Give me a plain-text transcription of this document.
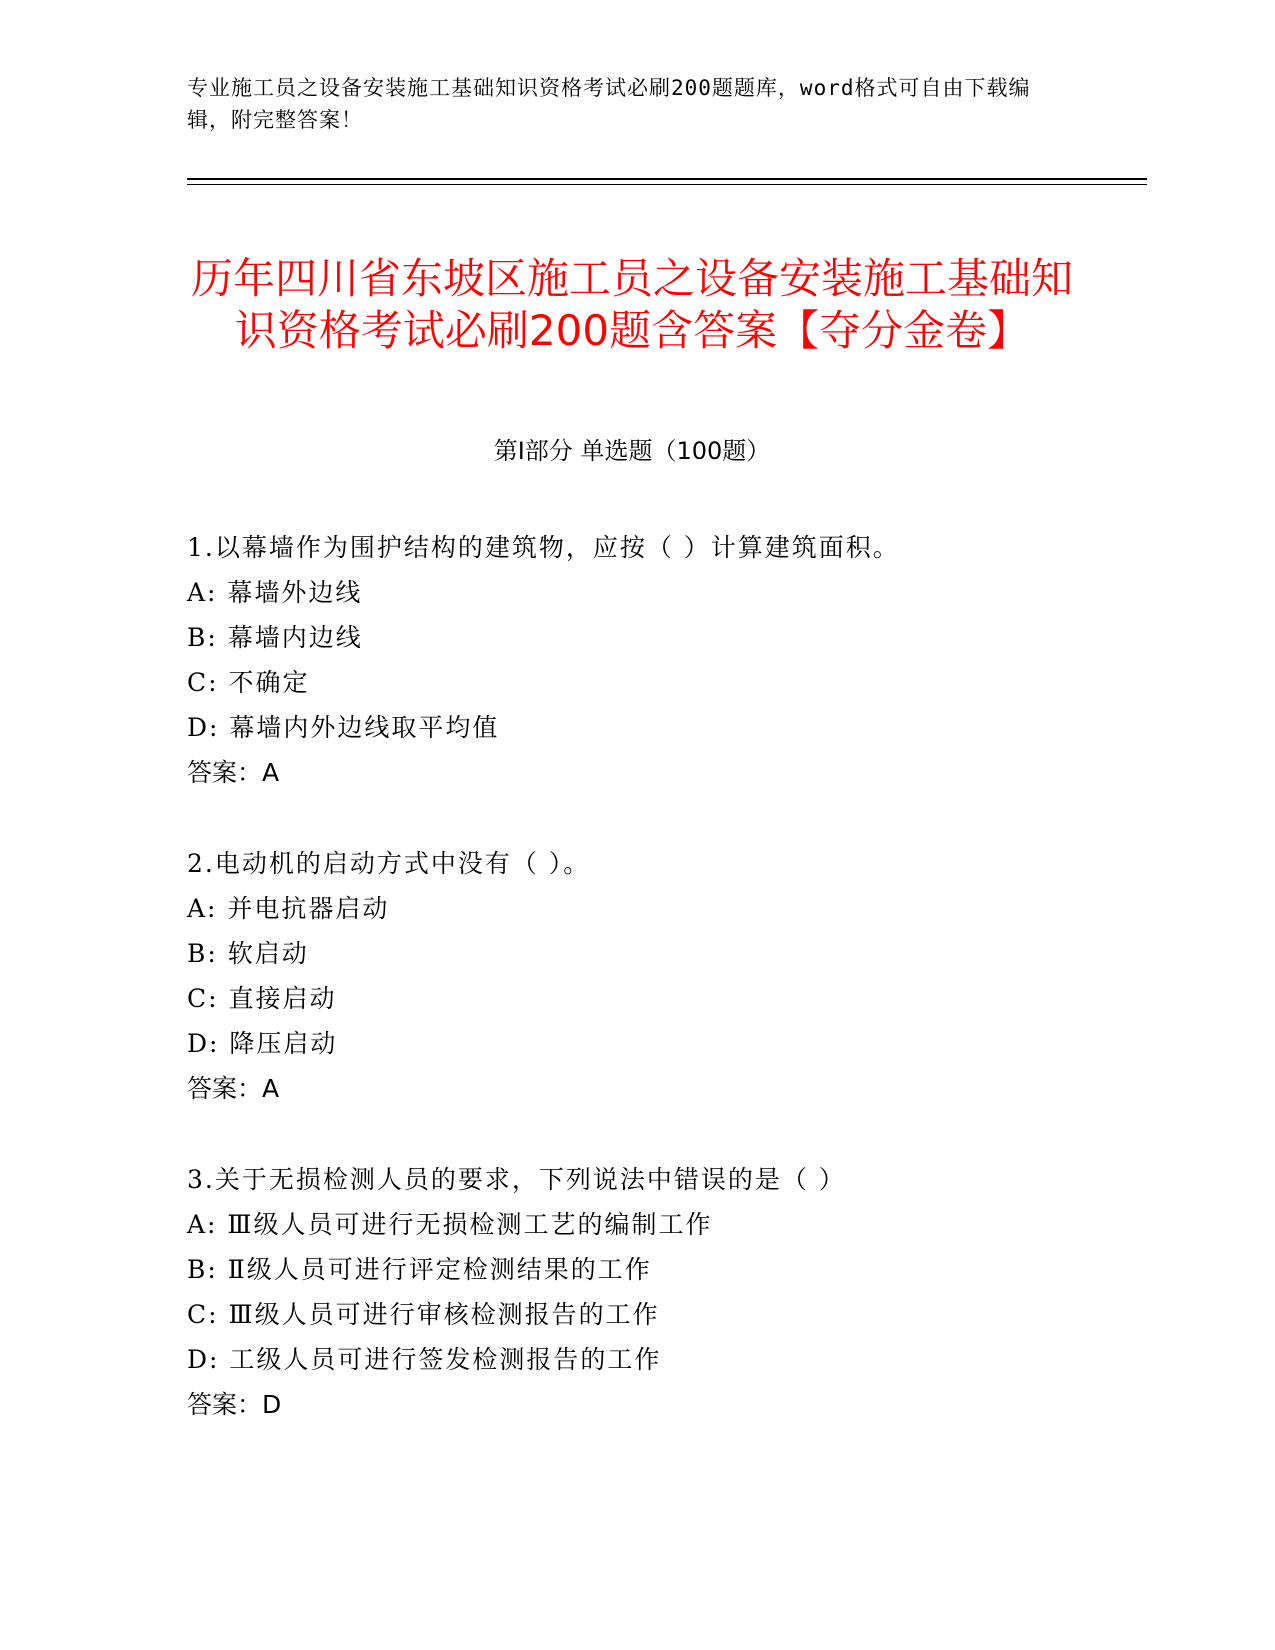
专业施工员之设备安装施工基础知识资格考试必刷200题题库，word格式可自由下载编辑，附完整答案！
历年四川省东坡区施工员之设备安装施工基础知识资格考试必刷200题含答案【夺分金卷】
第Ⅰ部分 单选题（100题）
1.以幕墙作为围护结构的建筑物，应按（ ）计算建筑面积。
A: 幕墙外边线
B: 幕墙内边线
C: 不确定
D: 幕墙内外边线取平均值
答案：A
2.电动机的启动方式中没有（ ）。
A: 并电抗器启动
B: 软启动
C: 直接启动
D: 降压启动
答案：A
3.关于无损检测人员的要求，下列说法中错误的是（ ）
A: Ⅲ级人员可进行无损检测工艺的编制工作
B: Ⅱ级人员可进行评定检测结果的工作
C: Ⅲ级人员可进行审核检测报告的工作
D: 工级人员可进行签发检测报告的工作
答案：D
